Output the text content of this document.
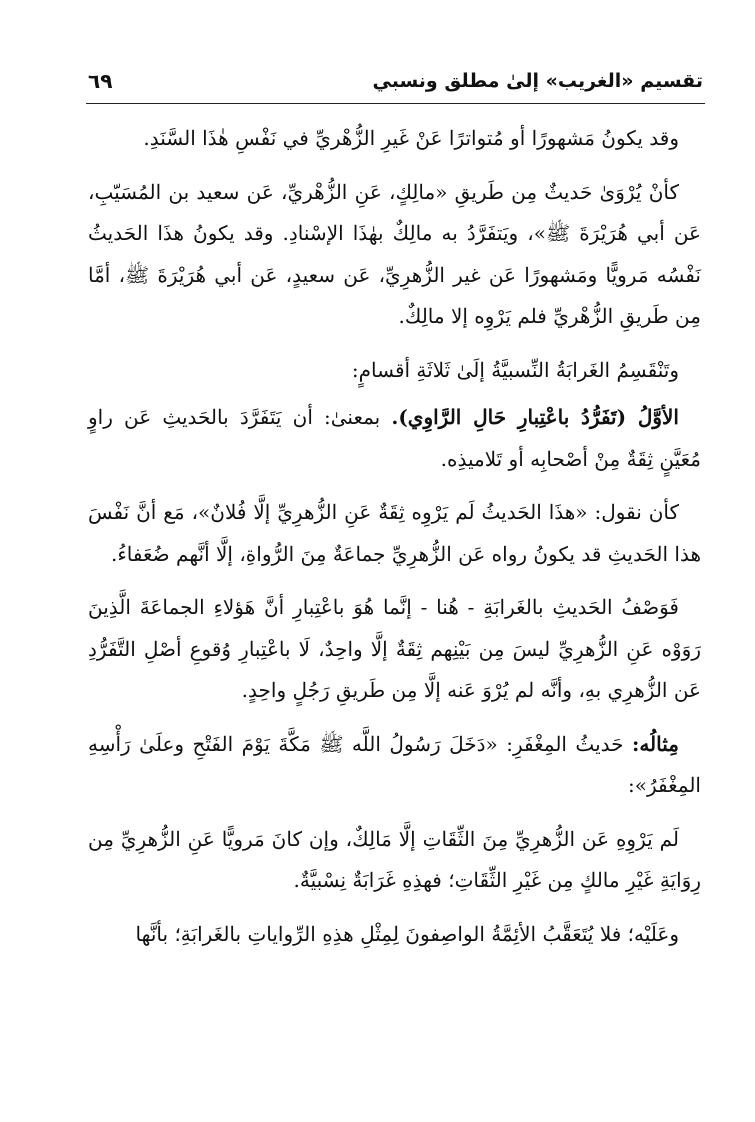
تقسيم «الغريب» إلىٰ مطلق ونسبي
٦٩

وقد يكونُ مَشهورًا أو مُتواترًا عَنْ غَيرِ الزُّهْريِّ في نَفْسِ هٰذَا السَّنَدِ.

كأنْ يُرْوَىٰ حَديثٌ مِن طَريقِ «مالِكٍ، عَنِ الزُّهْريِّ، عَن سعيد بن المُسَيّبِ، عَن أبي هُرَيْرَةَ ﷺ»، ويَتفَرَّدُ به مالِكٌ بهٰذَا الإسْنادِ. وقد يكونُ هذَا الحَديثُ نَفْسُه مَرويًّا ومَشهورًا عَن غير الزُّهرِيِّ، عَن سعيدٍ، عَن أبي هُرَيْرَةَ ﷺ، أمَّا مِن طَريقِ الزُّهْريِّ فلم يَرْوِه إلا مالِكٌ.

وتَنْقَسِمُ الغَرابَةُ النِّسبيَّةُ إلَىٰ ثَلاثَةِ أقسامٍ:

الأوَّلُ (تَفَرُّدُ باعْتِبارِ حَالِ الرَّاوِي). بمعنىٰ: أن يَتَفَرَّدَ بالحَديثِ عَن راوٍ مُعَيَّنٍ ثِقَةٌ مِنْ أصْحابِه أو تَلاميذِه.

كأن نقول: «هذَا الحَديثُ لَم يَرْوِه ثِقَةٌ عَنِ الزُّهرِيِّ إلَّا فُلانٌ»، مَع أنَّ نَفْسَ هذا الحَديثِ قد يكونُ رواه عَن الزُّهرِيِّ جماعَةٌ مِنَ الرُّواةِ، إلَّا أنَّهم ضُعَفاءُ.

فَوَصْفُ الحَديثِ بالغَرابَةِ - هُنا - إنَّما هُوَ باعْتِبارِ أنَّ هَؤلاءِ الجماعَةَ الَّذِينَ رَوَوْه عَنِ الزُّهرِيِّ ليسَ مِن بَيْنِهم ثِقَةٌ إلَّا واحِدٌ، لَا باعْتِبارِ وُقوعِ أصْلِ التَّفَرُّدِ عَن الزُّهرِي بهِ، وأنَّه لم يُرْوَ عَنه إلَّا مِن طَريقِ رَجُلٍ واحِدٍ.

مِثالُه: حَديثُ المِغْفَرِ: «دَخَلَ رَسُولُ اللَّه ﷺ مَكَّةَ يَوْمَ الفَتْحِ وعلَىٰ رَأْسِهِ المِغْفَرُ»:

لَم يَرْوِهِ عَن الزُّهرِيِّ مِنَ الثِّقَاتِ إلَّا مَالِكٌ، وإن كانَ مَرويًّا عَنِ الزُّهرِيِّ مِن رِوَايَةِ غَيْرِ مالكٍ مِن غَيْرِ الثِّقَاتِ؛ فهذِهِ غَرَابَةٌ نِسْبيَّةٌ.

وعَلَيْه؛ فلا يُتَعَقَّبُ الأئِمَّةُ الواصِفونَ لِمِثْلِ هذِهِ الرِّواياتِ بالغَرابَةِ؛ بأنَّها
